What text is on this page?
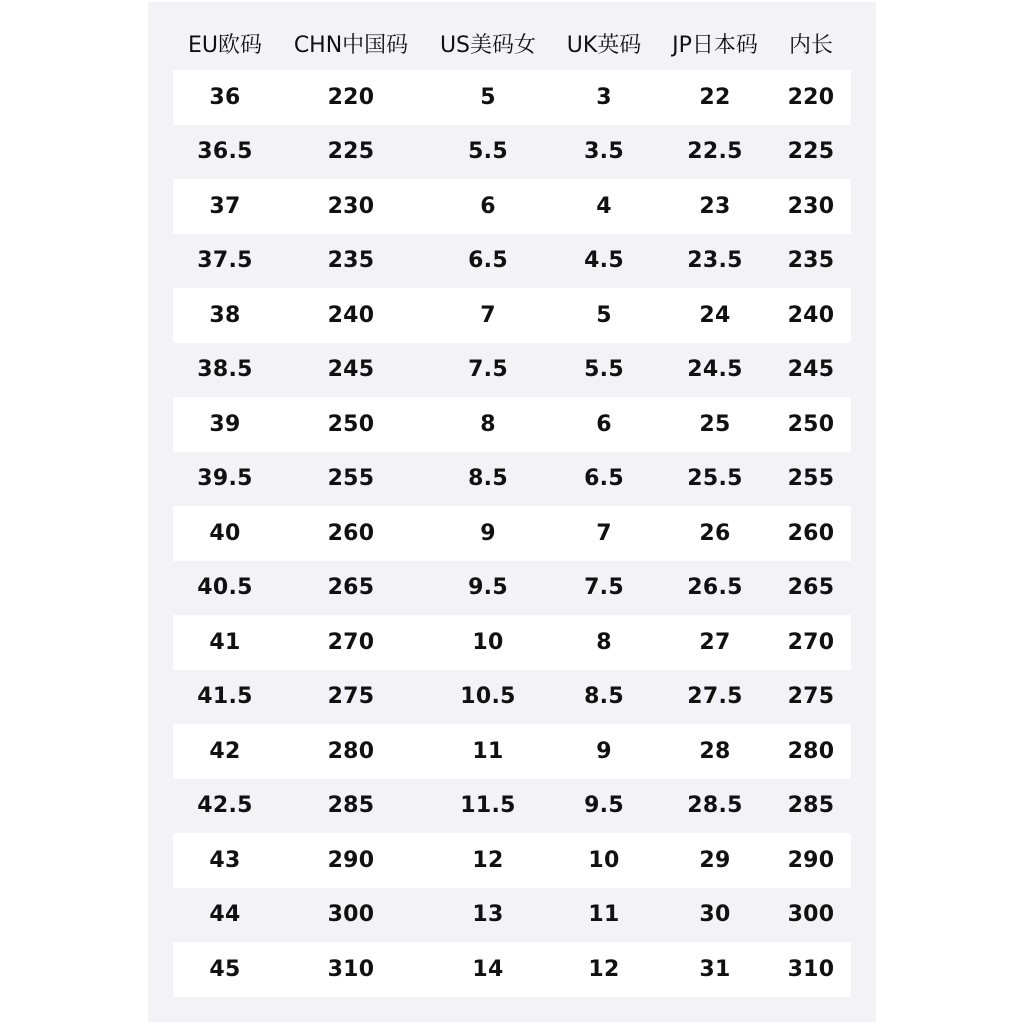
EU欧码	CHN中国码	US美码女	UK英码	JP日本码	内长
36	220	5	3	22	220
36.5	225	5.5	3.5	22.5	225
37	230	6	4	23	230
37.5	235	6.5	4.5	23.5	235
38	240	7	5	24	240
38.5	245	7.5	5.5	24.5	245
39	250	8	6	25	250
39.5	255	8.5	6.5	25.5	255
40	260	9	7	26	260
40.5	265	9.5	7.5	26.5	265
41	270	10	8	27	270
41.5	275	10.5	8.5	27.5	275
42	280	11	9	28	280
42.5	285	11.5	9.5	28.5	285
43	290	12	10	29	290
44	300	13	11	30	300
45	310	14	12	31	310
